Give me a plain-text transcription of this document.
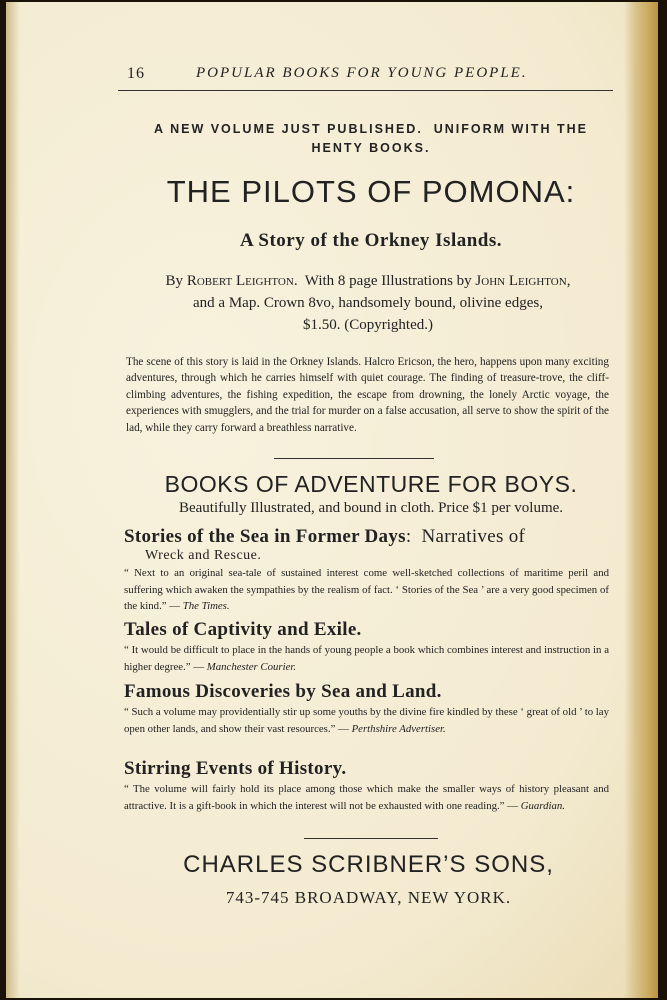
16	POPULAR BOOKS FOR YOUNG PEOPLE.
A NEW VOLUME JUST PUBLISHED.  UNIFORM WITH THE
HENTY BOOKS.
THE PILOTS OF POMONA:
A Story of the Orkney Islands.
By Robert Leighton.  With 8 page Illustrations by John Leighton,
and a Map. Crown 8vo, handsomely bound, olivine edges,
$1.50. (Copyrighted.)
The scene of this story is laid in the Orkney Islands. Halcro Ericson, the hero, happens upon many exciting adventures, through which he carries himself with quiet courage. The finding of treasure-trove, the cliff-climbing adventures, the fishing expedition, the escape from drowning, the lonely Arctic voyage, the experiences with smugglers, and the trial for murder on a false accusation, all serve to show the spirit of the lad, while they carry forward a breathless narrative.
BOOKS OF ADVENTURE FOR BOYS.
Beautifully Illustrated, and bound in cloth. Price $1 per volume.
Stories of the Sea in Former Days:  Narratives of
Wreck and Rescue.
“ Next to an original sea-tale of sustained interest come well-sketched collections of maritime peril and suffering which awaken the sympathies by the realism of fact. ‘ Stories of the Sea ’ are a very good specimen of the kind.” — The Times.
Tales of Captivity and Exile.
“ It would be difficult to place in the hands of young people a book which combines interest and instruction in a higher degree.” — Manchester Courier.
Famous Discoveries by Sea and Land.
“ Such a volume may providentially stir up some youths by the divine fire kindled by these ‘ great of old ’ to lay open other lands, and show their vast resources.” — Perthshire Advertiser.
Stirring Events of History.
“ The volume will fairly hold its place among those which make the smaller ways of history pleasant and attractive. It is a gift-book in which the interest will not be exhausted with one reading.” — Guardian.
CHARLES SCRIBNER’S SONS,
743-745 BROADWAY, NEW YORK.
